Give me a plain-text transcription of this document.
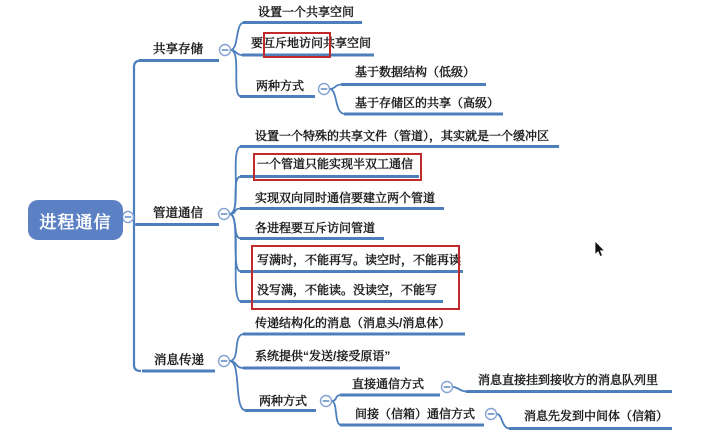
进程通信
共享存储
管道通信
消息传递
设置一个共享空间
要互斥地访问共享空间
两种方式
基于数据结构（低级）
基于存储区的共享（高级）
设置一个特殊的共享文件（管道），其实就是一个缓冲区
一个管道只能实现半双工通信
实现双向同时通信要建立两个管道
各进程要互斥访问管道
写满时，不能再写。读空时，不能再读
没写满，不能读。没读空，不能写
传递结构化的消息（消息头/消息体）
系统提供“发送/接受原语”
两种方式
直接通信方式	消息直接挂到接收方的消息队列里
间接（信箱）通信方式	消息先发到中间体（信箱）
